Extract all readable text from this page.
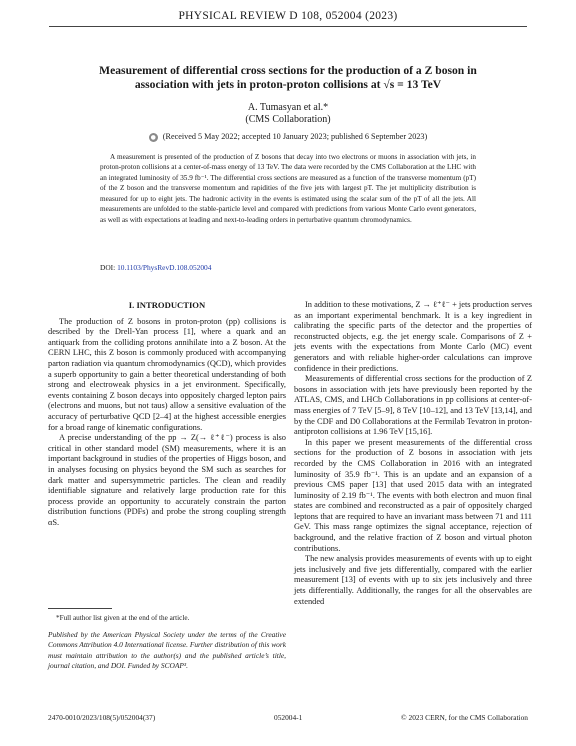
PHYSICAL REVIEW D 108, 052004 (2023)
Measurement of differential cross sections for the production of a Z boson in association with jets in proton-proton collisions at √s = 13 TeV
A. Tumasyan et al.*
(CMS Collaboration)
● (Received 5 May 2022; accepted 10 January 2023; published 6 September 2023)
A measurement is presented of the production of Z bosons that decay into two electrons or muons in association with jets, in proton-proton collisions at a center-of-mass energy of 13 TeV. The data were recorded by the CMS Collaboration at the LHC with an integrated luminosity of 35.9 fb⁻¹. The differential cross sections are measured as a function of the transverse momentum (pT) of the Z boson and the transverse momentum and rapidities of the five jets with largest pT. The jet multiplicity distribution is measured for up to eight jets. The hadronic activity in the events is estimated using the scalar sum of the pT of all the jets. All measurements are unfolded to the stable-particle level and compared with predictions from various Monte Carlo event generators, as well as with expectations at leading and next-to-leading orders in perturbative quantum chromodynamics.
DOI: 10.1103/PhysRevD.108.052004
I. INTRODUCTION

The production of Z bosons in proton-proton (pp) collisions is described by the Drell-Yan process [1], where a quark and an antiquark from the colliding protons annihilate into a Z boson. At the CERN LHC, this Z boson is commonly produced with accompanying parton radiation via quantum chromodynamics (QCD), which provides a superb opportunity to gain a better theoretical understanding of both strong and electroweak physics in a jet environment. Specifically, events containing Z boson decays into oppositely charged lepton pairs (electrons and muons, but not taus) allow a sensitive evaluation of the accuracy of perturbative QCD [2–4] at the highest accessible energies for a broad range of kinematic configurations.

A precise understanding of the pp → Z(→ ℓ⁺ℓ⁻) process is also critical in other standard model (SM) measurements, where it is an important background in studies of the properties of Higgs boson, and in analyses focusing on physics beyond the SM such as searches for dark matter and supersymmetric particles. The clean and readily identifiable signature and relatively large production rate for this process provide an opportunity to accurately constrain the parton distribution functions (PDFs) and probe the strong coupling strength αS.

*Full author list given at the end of the article.
Published by the American Physical Society under the terms of the Creative Commons Attribution 4.0 International license. Further distribution of this work must maintain attribution to the author(s) and the published article’s title, journal citation, and DOI. Funded by SCOAP³.

In addition to these motivations, Z → ℓ⁺ℓ⁻ + jets production serves as an important experimental benchmark. It is a key ingredient in calibrating the specific parts of the detector and the properties of reconstructed objects, e.g. the jet energy scale. Comparisons of Z + jets events with the expectations from Monte Carlo (MC) event generators and with reliable higher-order calculations can improve confidence in their predictions.

Measurements of differential cross sections for the production of Z bosons in association with jets have previously been reported by the ATLAS, CMS, and LHCb Collaborations in pp collisions at center-of-mass energies of 7 TeV [5–9], 8 TeV [10–12], and 13 TeV [13,14], and by the CDF and D0 Collaborations at the Fermilab Tevatron in proton-antiproton collisions at 1.96 TeV [15,16].

In this paper we present measurements of the differential cross sections for the production of Z bosons in association with jets recorded by the CMS Collaboration in 2016 with an integrated luminosity of 35.9 fb⁻¹. This is an update and an expansion of a previous CMS paper [13] that used 2015 data with an integrated luminosity of 2.19 fb⁻¹. The events with both electron and muon final states are combined and reconstructed as a pair of oppositely charged leptons that are required to have an invariant mass between 71 and 111 GeV. This mass range optimizes the signal acceptance, rejection of background, and the relative fraction of Z boson and virtual photon contributions.

The new analysis provides measurements of events with up to eight jets inclusively and five jets differentially, compared with the earlier measurement [13] of events with up to six jets inclusively and three jets differentially. Additionally, the ranges for all the observables are extended

2470-0010/2023/108(5)/052004(37)	052004-1	© 2023 CERN, for the CMS Collaboration
